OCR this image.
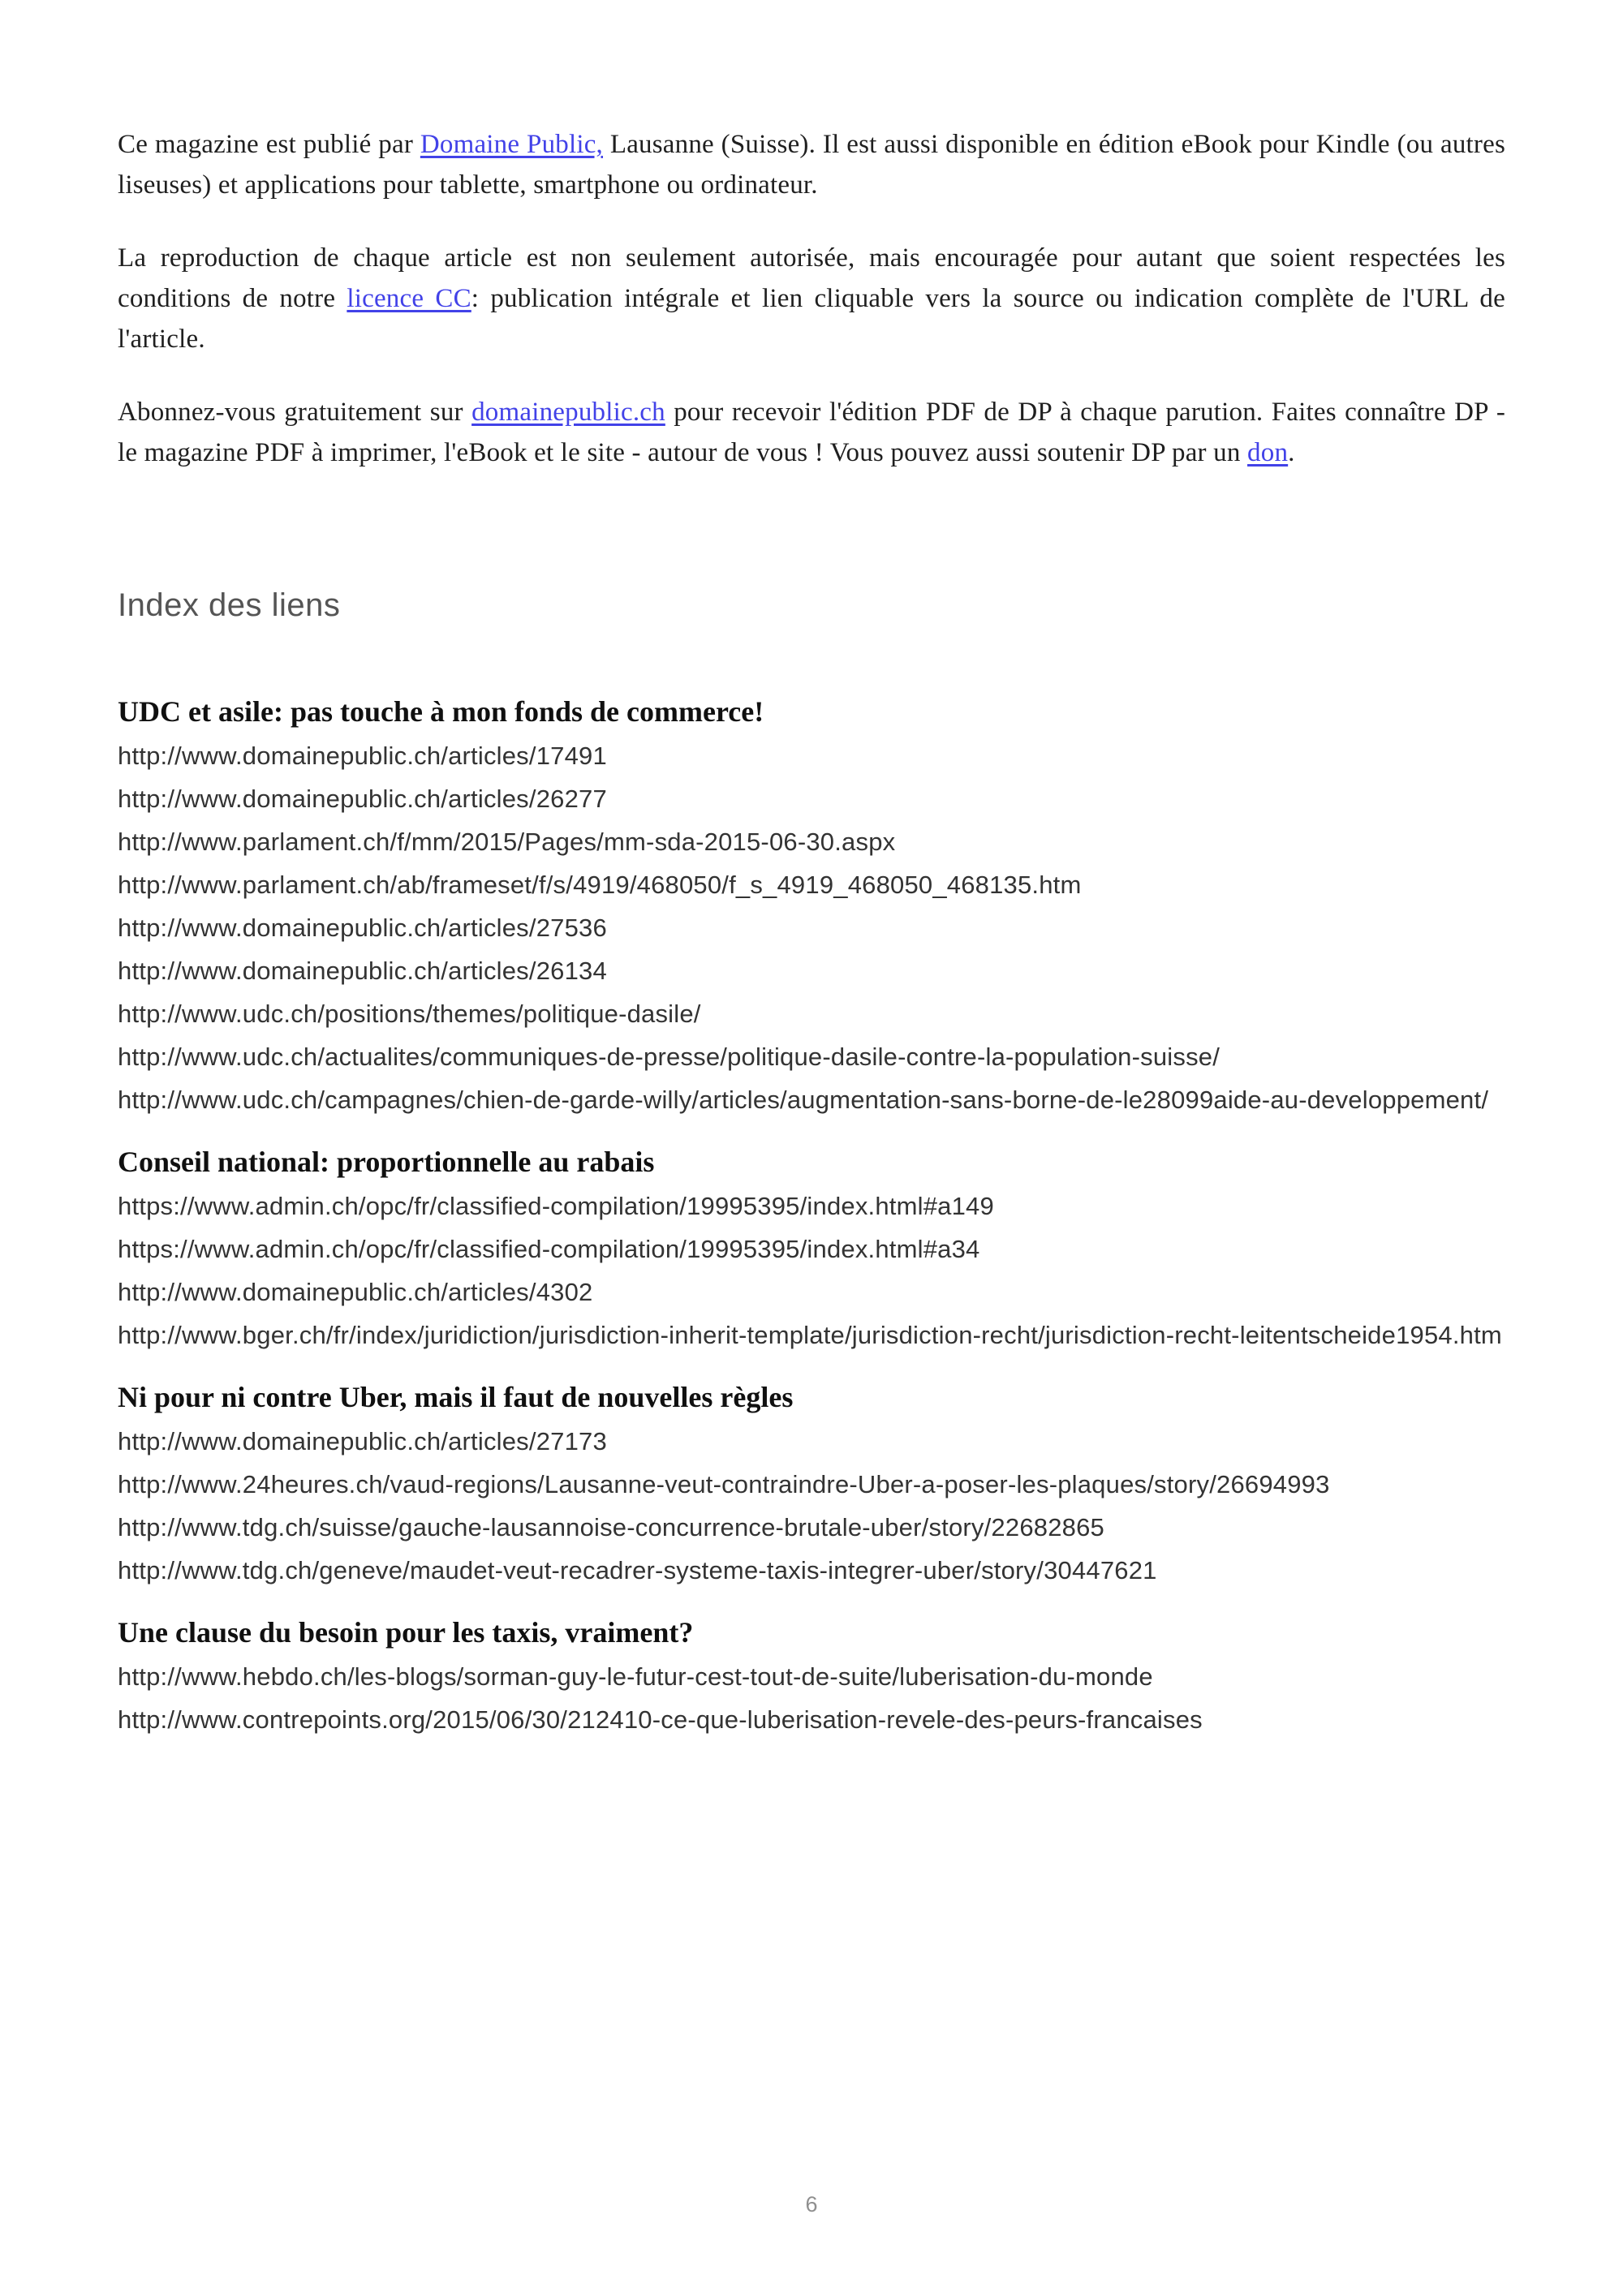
Ce magazine est publié par Domaine Public, Lausanne (Suisse). Il est aussi disponible en édition eBook pour Kindle (ou autres liseuses) et applications pour tablette, smartphone ou ordinateur.

La reproduction de chaque article est non seulement autorisée, mais encouragée pour autant que soient respectées les conditions de notre licence CC: publication intégrale et lien cliquable vers la source ou indication complète de l'URL de l'article.

Abonnez-vous gratuitement sur domainepublic.ch pour recevoir l'édition PDF de DP à chaque parution. Faites connaître DP - le magazine PDF à imprimer, l'eBook et le site - autour de vous ! Vous pouvez aussi soutenir DP par un don.

Index des liens
UDC et asile: pas touche à mon fonds de commerce!
http://www.domainepublic.ch/articles/17491
http://www.domainepublic.ch/articles/26277
http://www.parlament.ch/f/mm/2015/Pages/mm-sda-2015-06-30.aspx
http://www.parlament.ch/ab/frameset/f/s/4919/468050/f_s_4919_468050_468135.htm
http://www.domainepublic.ch/articles/27536
http://www.domainepublic.ch/articles/26134
http://www.udc.ch/positions/themes/politique-dasile/
http://www.udc.ch/actualites/communiques-de-presse/politique-dasile-contre-la-population-suisse/
http://www.udc.ch/campagnes/chien-de-garde-willy/articles/augmentation-sans-borne-de-le28099aide-au-developpement/
Conseil national: proportionnelle au rabais
https://www.admin.ch/opc/fr/classified-compilation/19995395/index.html#a149
https://www.admin.ch/opc/fr/classified-compilation/19995395/index.html#a34
http://www.domainepublic.ch/articles/4302
http://www.bger.ch/fr/index/juridiction/jurisdiction-inherit-template/jurisdiction-recht/jurisdiction-recht-leitentscheide1954.htm
Ni pour ni contre Uber, mais il faut de nouvelles règles
http://www.domainepublic.ch/articles/27173
http://www.24heures.ch/vaud-regions/Lausanne-veut-contraindre-Uber-a-poser-les-plaques/story/26694993
http://www.tdg.ch/suisse/gauche-lausannoise-concurrence-brutale-uber/story/22682865
http://www.tdg.ch/geneve/maudet-veut-recadrer-systeme-taxis-integrer-uber/story/30447621
Une clause du besoin pour les taxis, vraiment?
http://www.hebdo.ch/les-blogs/sorman-guy-le-futur-cest-tout-de-suite/luberisation-du-monde
http://www.contrepoints.org/2015/06/30/212410-ce-que-luberisation-revele-des-peurs-francaises
6
